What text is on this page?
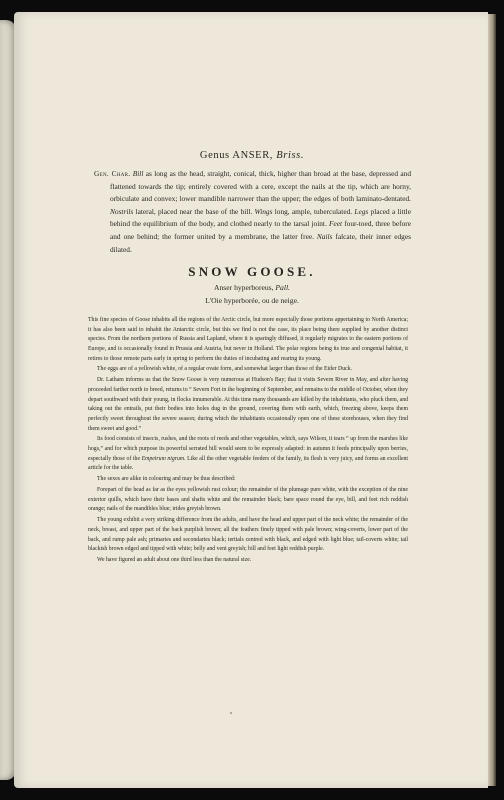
Genus ANSER, Briss.

Gen. Char. Bill as long as the head, straight, conical, thick, higher than broad at the base, depressed and flattened towards the tip; entirely covered with a cere, except the nails at the tip, which are horny, orbiculate and convex; lower mandible narrower than the upper; the edges of both laminato-dentated. Nostrils lateral, placed near the base of the bill. Wings long, ample, tuberculated. Legs placed a little behind the equilibrium of the body, and clothed nearly to the tarsal joint. Feet four-toed, three before and one behind; the former united by a membrane, the latter free. Nails falcate, their inner edges dilated.

SNOW GOOSE.
Anser hyperboreus, Pall.
L'Oie hyperborée, ou de neige.

This fine species of Goose inhabits all the regions of the Arctic circle, but more especially those portions appertaining to North America; it has also been said to inhabit the Antarctic circle, but this we find is not the case, its place being there supplied by another distinct species. From the northern portions of Russia and Lapland, where it is sparingly diffused, it regularly migrates to the eastern portions of Europe, and is occasionally found in Prussia and Austria, but never in Holland. The polar regions being its true and congenial habitat, it retires to those remote parts early in spring to perform the duties of incubating and rearing its young.

The eggs are of a yellowish white, of a regular ovate form, and somewhat larger than those of the Eider Duck.

Dr. Latham informs us that the Snow Goose is very numerous at Hudson's Bay; that it visits Severn River in May, and after having proceeded farther north to breed, returns to “ Severn Fort in the beginning of September, and remains to the middle of October, when they depart southward with their young, in flocks innumerable. At this time many thousands are killed by the inhabitants, who pluck them, and taking out the entrails, put their bodies into holes dug in the ground, covering them with earth, which, freezing above, keeps them perfectly sweet throughout the severe season; during which the inhabitants occasionally open one of these storehouses, when they find them sweet and good.”

Its food consists of insects, rushes, and the roots of reeds and other vegetables, which, says Wilson, it tears “ up from the marshes like hogs,” and for which purpose its powerful serrated bill would seem to be expressly adapted: in autumn it feeds principally upon berries, especially those of the Empetrum nigrum. Like all the other vegetable feeders of the family, its flesh is very juicy, and forms an excellent article for the table.

The sexes are alike in colouring and may be thus described:

Forepart of the head as far as the eyes yellowish rust colour; the remainder of the plumage pure white, with the exception of the nine exterior quills, which have their bases and shafts white and the remainder black; bare space round the eye, bill, and feet rich reddish orange; nails of the mandibles blue; irides greyish brown.

The young exhibit a very striking difference from the adults, and have the head and upper part of the neck white; the remainder of the neck, breast, and upper part of the back purplish brown; all the feathers finely tipped with pale brown; wing-coverts, lower part of the back, and rump pale ash; primaries and secondaries black; tertials centred with black, and edged with light blue; tail-coverts white; tail blackish brown edged and tipped with white; belly and vent greyish; bill and feet light reddish purple.

We have figured an adult about one third less than the natural size.
